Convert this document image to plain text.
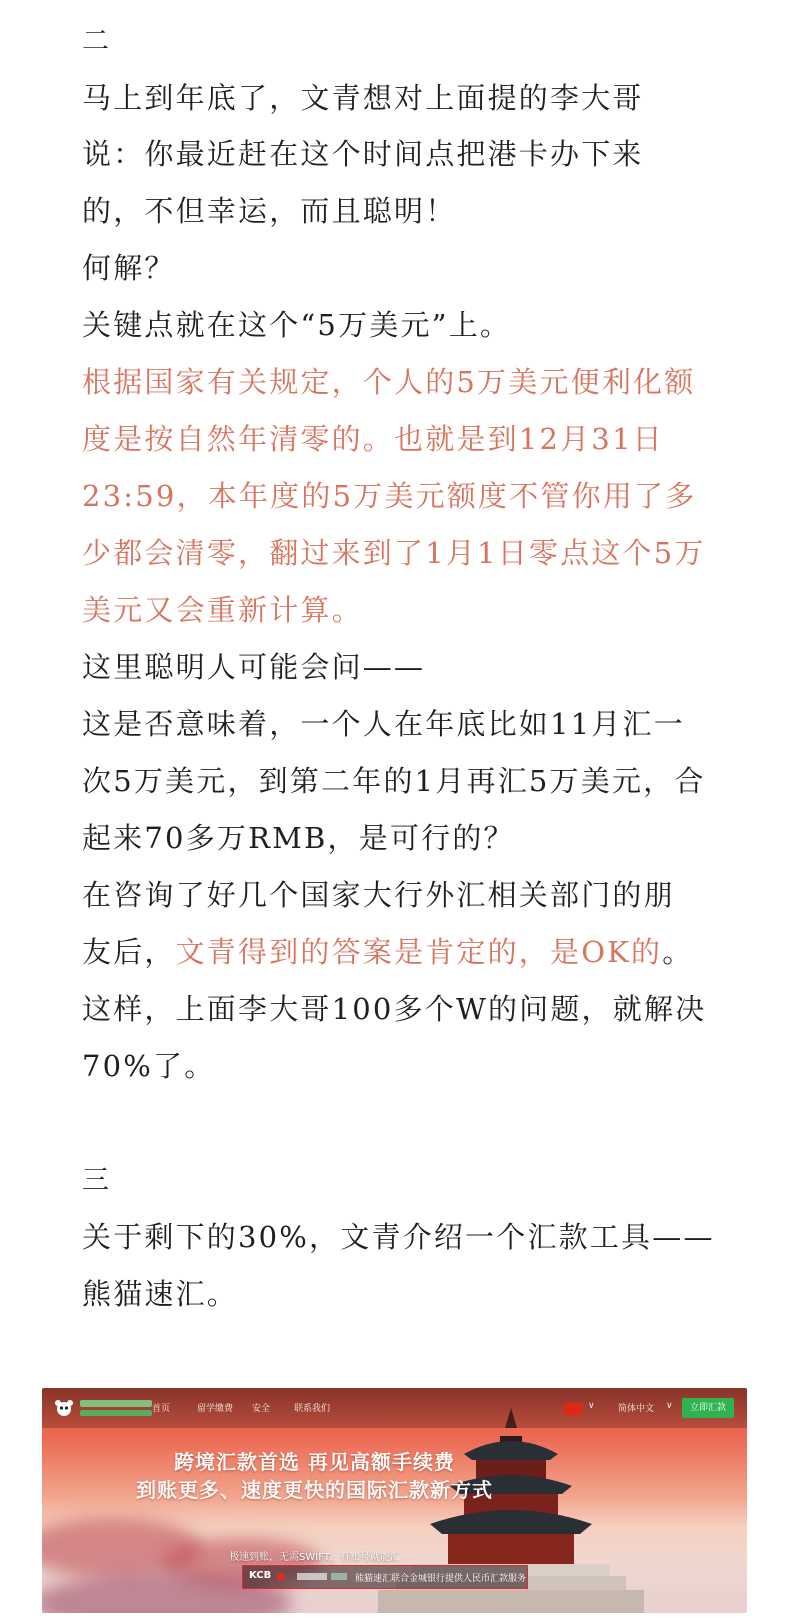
二
马上到年底了，文青想对上面提的李大哥
说：你最近赶在这个时间点把港卡办下来
的，不但幸运，而且聪明！
何解？
关键点就在这个“5万美元”上。
根据国家有关规定，个人的5万美元便利化额
度是按自然年清零的。也就是到12月31日
23:59，本年度的5万美元额度不管你用了多
少都会清零，翻过来到了1月1日零点这个5万
美元又会重新计算。
这里聪明人可能会问——
这是否意味着，一个人在年底比如11月汇一
次5万美元，到第二年的1月再汇5万美元，合
起来70多万RMB，是可行的？
在咨询了好几个国家大行外汇相关部门的朋
友后，文青得到的答案是肯定的，是OK的。
这样，上面李大哥100多个W的问题，就解决
70%了。
三
关于剩下的30%，文青介绍一个汇款工具——
熊猫速汇。
首页	留学缴费 安全	联系我们	∨	简体中文 ∨	立即汇款
跨境汇款首选 再见高额手续费
到账更多、速度更快的国际汇款新方式
极速到账，无需SWIFT，有账号就能汇
KCB	熊猫速汇联合金城银行提供人民币汇款服务
